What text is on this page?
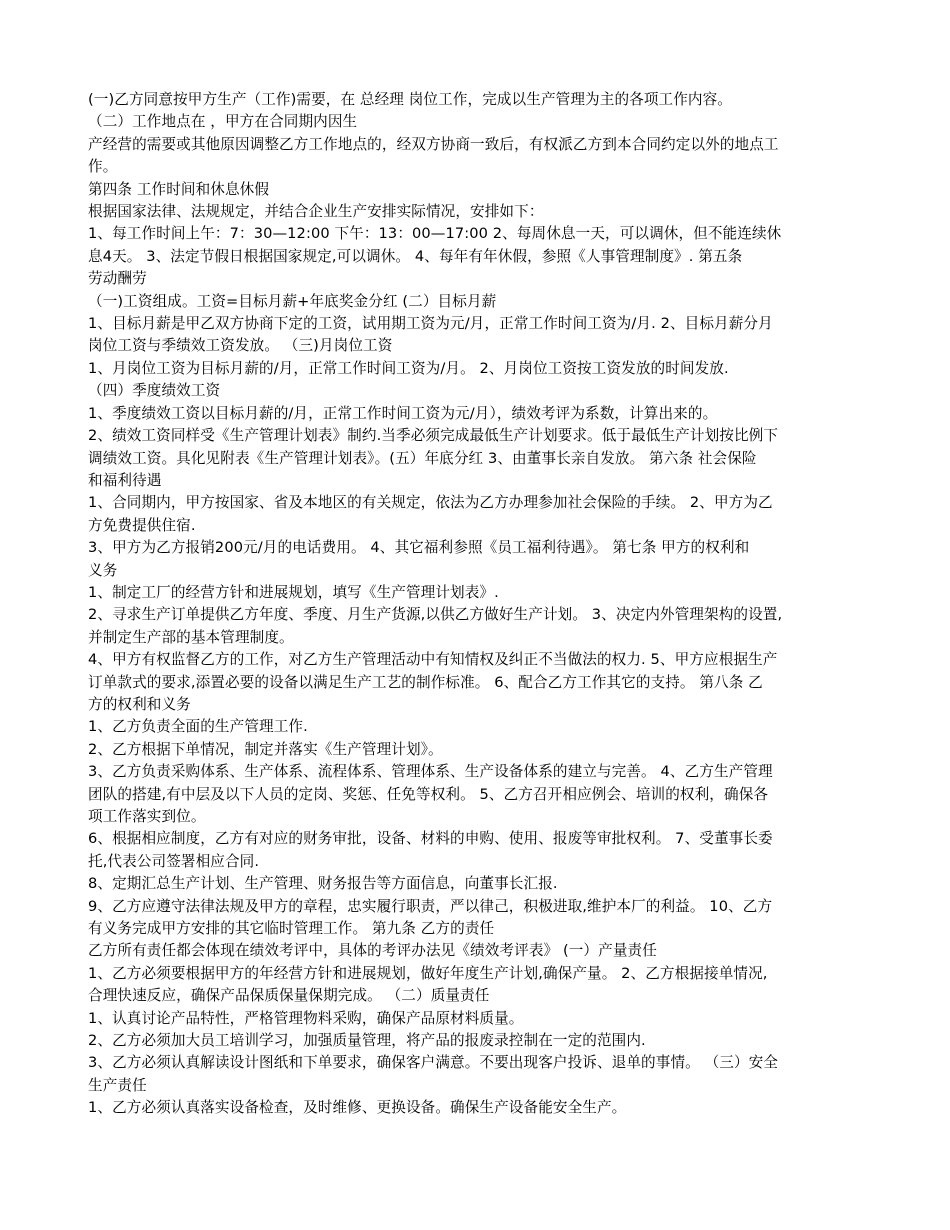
(一)乙方同意按甲方生产（工作)需要，在 总经理 岗位工作，完成以生产管理为主的各项工作内容。

（二）工作地点在 ，甲方在合同期内因生

产经营的需要或其他原因调整乙方工作地点的，经双方协商一致后，有权派乙方到本合同约定以外的地点工

作。

第四条 工作时间和休息休假

根据国家法律、法规规定，并结合企业生产安排实际情况，安排如下：

1、每工作时间上午：7：30—12:00 下午：13：00—17:00 2、每周休息一天，可以调休，但不能连续休

息4天。 3、法定节假日根据国家规定,可以调休。 4、每年有年休假，参照《人事管理制度》. 第五条

劳动酬劳

（一)工资组成。工资=目标月薪+年底奖金分红 (二）目标月薪

1、目标月薪是甲乙双方协商下定的工资，试用期工资为元/月，正常工作时间工资为/月. 2、目标月薪分月

岗位工资与季绩效工资发放。 （三)月岗位工资

1、月岗位工资为目标月薪的/月，正常工作时间工资为/月。 2、月岗位工资按工资发放的时间发放.

（四）季度绩效工资

1、季度绩效工资以目标月薪的/月，正常工作时间工资为元/月），绩效考评为系数，计算出来的。

2、绩效工资同样受《生产管理计划表》制约.当季必须完成最低生产计划要求。低于最低生产计划按比例下

调绩效工资。具化见附表《生产管理计划表》。(五）年底分红 3、由董事长亲自发放。 第六条 社会保险

和福利待遇

1、合同期内，甲方按国家、省及本地区的有关规定，依法为乙方办理参加社会保险的手续。 2、甲方为乙

方免费提供住宿.

3、甲方为乙方报销200元/月的电话费用。 4、其它福利参照《员工福利待遇》。 第七条 甲方的权利和

义务

1、制定工厂的经营方针和进展规划，填写《生产管理计划表》.

2、寻求生产订单提供乙方年度、季度、月生产货源,以供乙方做好生产计划。 3、决定内外管理架构的设置,

并制定生产部的基本管理制度。

4、甲方有权监督乙方的工作，对乙方生产管理活动中有知情权及纠正不当做法的权力. 5、甲方应根据生产

订单款式的要求,添置必要的设备以满足生产工艺的制作标准。 6、配合乙方工作其它的支持。 第八条 乙

方的权利和义务

1、乙方负责全面的生产管理工作.

2、乙方根据下单情况，制定并落实《生产管理计划》。

3、乙方负责采购体系、生产体系、流程体系、管理体系、生产设备体系的建立与完善。 4、乙方生产管理

团队的搭建,有中层及以下人员的定岗、奖惩、任免等权利。 5、乙方召开相应例会、培训的权利，确保各

项工作落实到位。

6、根据相应制度，乙方有对应的财务审批，设备、材料的申购、使用、报废等审批权利。 7、受董事长委

托,代表公司签署相应合同.

8、定期汇总生产计划、生产管理、财务报告等方面信息，向董事长汇报.

9、乙方应遵守法律法规及甲方的章程，忠实履行职责，严以律己，积极进取,维护本厂的利益。 10、乙方

有义务完成甲方安排的其它临时管理工作。 第九条 乙方的责任

乙方所有责任都会体现在绩效考评中，具体的考评办法见《绩效考评表》 (一）产量责任

1、乙方必须要根据甲方的年经营方针和进展规划，做好年度生产计划,确保产量。 2、乙方根据接单情况,

合理快速反应，确保产品保质保量保期完成。 （二）质量责任

1、认真讨论产品特性，严格管理物料采购，确保产品原材料质量。

2、乙方必须加大员工培训学习，加强质量管理，将产品的报废录控制在一定的范围内.

3、乙方必须认真解读设计图纸和下单要求，确保客户满意。不要出现客户投诉、退单的事情。 （三）安全

生产责任

1、乙方必须认真落实设备检查，及时维修、更换设备。确保生产设备能安全生产。
